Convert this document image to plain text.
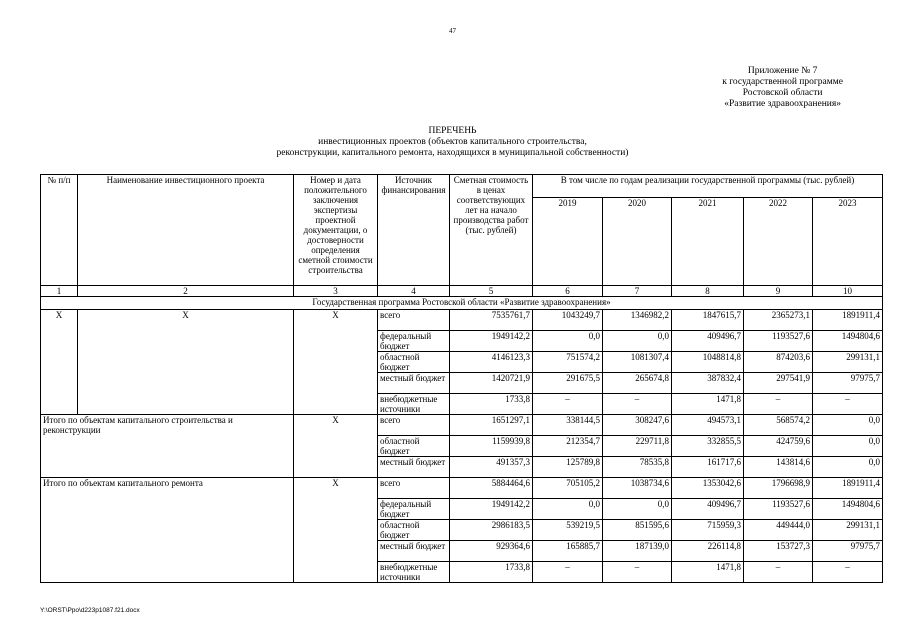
47
Приложение № 7
к государственной программе
Ростовской области
«Развитие здравоохранения»
ПЕРЕЧЕНЬ
инвестиционных проектов (объектов капитального строительства,
реконструкции, капитального ремонта, находящихся в муниципальной собственности)
№ п/п	Наименование инвестиционного проекта	Номер и дата положительного заключения экспертизы проектной документации, о достоверности определения сметной стоимости строительства	Источник финансирования	Сметная стоимость в ценах соответствующих лет на начало производства работ (тыс. рублей)	В том числе по годам реализации государственной программы (тыс. рублей)				
					2019	2020	2021	2022	2023
1	2	3	4	5	6	7	8	9	10
Государственная программа Ростовской области «Развитие здравоохранения»									
X	X	X	всего	7535761,7	1043249,7	1346982,2	1847615,7	2365273,1	1891911,4
			федеральный бюджет	1949142,2	0,0	0,0	409496,7	1193527,6	1494804,6
			областной бюджет	4146123,3	751574,2	1081307,4	1048814,8	874203,6	299131,1
			местный бюджет	1420721,9	291675,5	265674,8	387832,4	297541,9	97975,7
			внебюджетные источники	1733,8	–	–	1471,8	–	–
Итого по объектам капитального строительства и реконструкции		X	всего	1651297,1	338144,5	308247,6	494573,1	568574,2	0,0
			областной бюджет	1159939,8	212354,7	229711,8	332855,5	424759,6	0,0
			местный бюджет	491357,3	125789,8	78535,8	161717,6	143814,6	0,0
Итого по объектам капитального ремонта		X	всего	5884464,6	705105,2	1038734,6	1353042,6	1796698,9	1891911,4
			федеральный бюджет	1949142,2	0,0	0,0	409496,7	1193527,6	1494804,6
			областной бюджет	2986183,5	539219,5	851595,6	715959,3	449444,0	299131,1
			местный бюджет	929364,6	165885,7	187139,0	226114,8	153727,3	97975,7
			внебюджетные источники	1733,8	–	–	1471,8	–	–
Y:\ORST\Ppo\d223p1087.f21.docx
